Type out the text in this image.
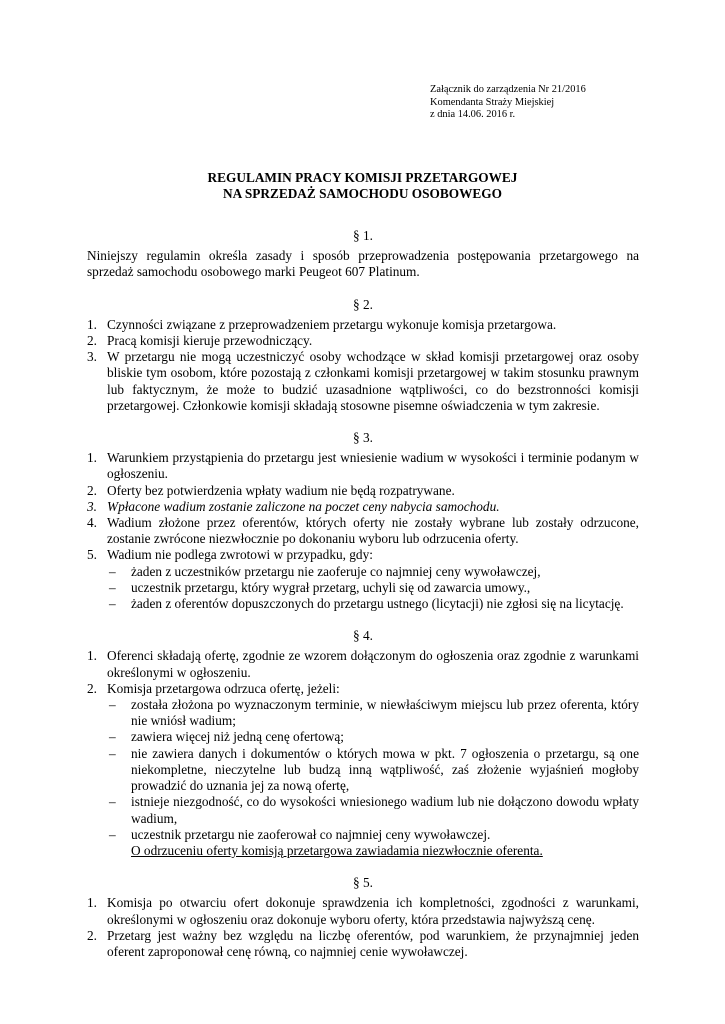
Załącznik do zarządzenia Nr 21/2016

Komendanta Straży Miejskiej

z dnia 14.06. 2016 r.

REGULAMIN PRACY KOMISJI PRZETARGOWEJ

NA SPRZEDAŻ SAMOCHODU OSOBOWEGO

§ 1.

Niniejszy regulamin określa zasady i sposób przeprowadzenia postępowania przetargowego na sprzedaż samochodu osobowego marki Peugeot 607 Platinum.

§ 2.

1. Czynności związane z przeprowadzeniem przetargu wykonuje komisja przetargowa.
2. Pracą komisji kieruje przewodniczący.
3. W przetargu nie mogą uczestniczyć osoby wchodzące w skład komisji przetargowej oraz osoby bliskie tym osobom, które pozostają z członkami komisji przetargowej w takim stosunku prawnym lub faktycznym, że może to budzić uzasadnione wątpliwości, co do bezstronności komisji przetargowej. Członkowie komisji składają stosowne pisemne oświadczenia w tym zakresie.

§ 3.

1. Warunkiem przystąpienia do przetargu jest wniesienie wadium w wysokości i terminie podanym w ogłoszeniu.
2. Oferty bez potwierdzenia wpłaty wadium nie będą rozpatrywane.
3. Wpłacone wadium zostanie zaliczone na poczet ceny nabycia samochodu.
4. Wadium złożone przez oferentów, których oferty nie zostały wybrane lub zostały odrzucone, zostanie zwrócone niezwłocznie po dokonaniu wyboru lub odrzucenia oferty.
5. Wadium nie podlega zwrotowi w przypadku, gdy:
– żaden z uczestników przetargu nie zaoferuje co najmniej ceny wywoławczej,
– uczestnik przetargu, który wygrał przetarg, uchyli się od zawarcia umowy.,
– żaden z oferentów dopuszczonych do przetargu ustnego (licytacji) nie zgłosi się na licytację.

§ 4.

1. Oferenci składają ofertę, zgodnie ze wzorem dołączonym do ogłoszenia oraz zgodnie z warunkami określonymi w ogłoszeniu.
2. Komisja przetargowa odrzuca ofertę, jeżeli:
– została złożona po wyznaczonym terminie, w niewłaściwym miejscu lub przez oferenta, który nie wniósł wadium;
– zawiera więcej niż jedną cenę ofertową;
– nie zawiera danych i dokumentów o których mowa w pkt. 7 ogłoszenia o przetargu, są one niekompletne, nieczytelne lub budzą inną wątpliwość, zaś złożenie wyjaśnień mogłoby prowadzić do uznania jej za nową ofertę,
– istnieje niezgodność, co do wysokości wniesionego wadium lub nie dołączono dowodu wpłaty wadium,
– uczestnik przetargu nie zaoferował co najmniej ceny wywoławczej.
O odrzuceniu oferty komisją przetargowa zawiadamia niezwłocznie oferenta.

§ 5.

1. Komisja po otwarciu ofert dokonuje sprawdzenia ich kompletności, zgodności z warunkami, określonymi w ogłoszeniu oraz dokonuje wyboru oferty, która przedstawia najwyższą cenę.
2. Przetarg jest ważny bez względu na liczbę oferentów, pod warunkiem, że przynajmniej jeden oferent zaproponował cenę równą, co najmniej cenie wywoławczej.
